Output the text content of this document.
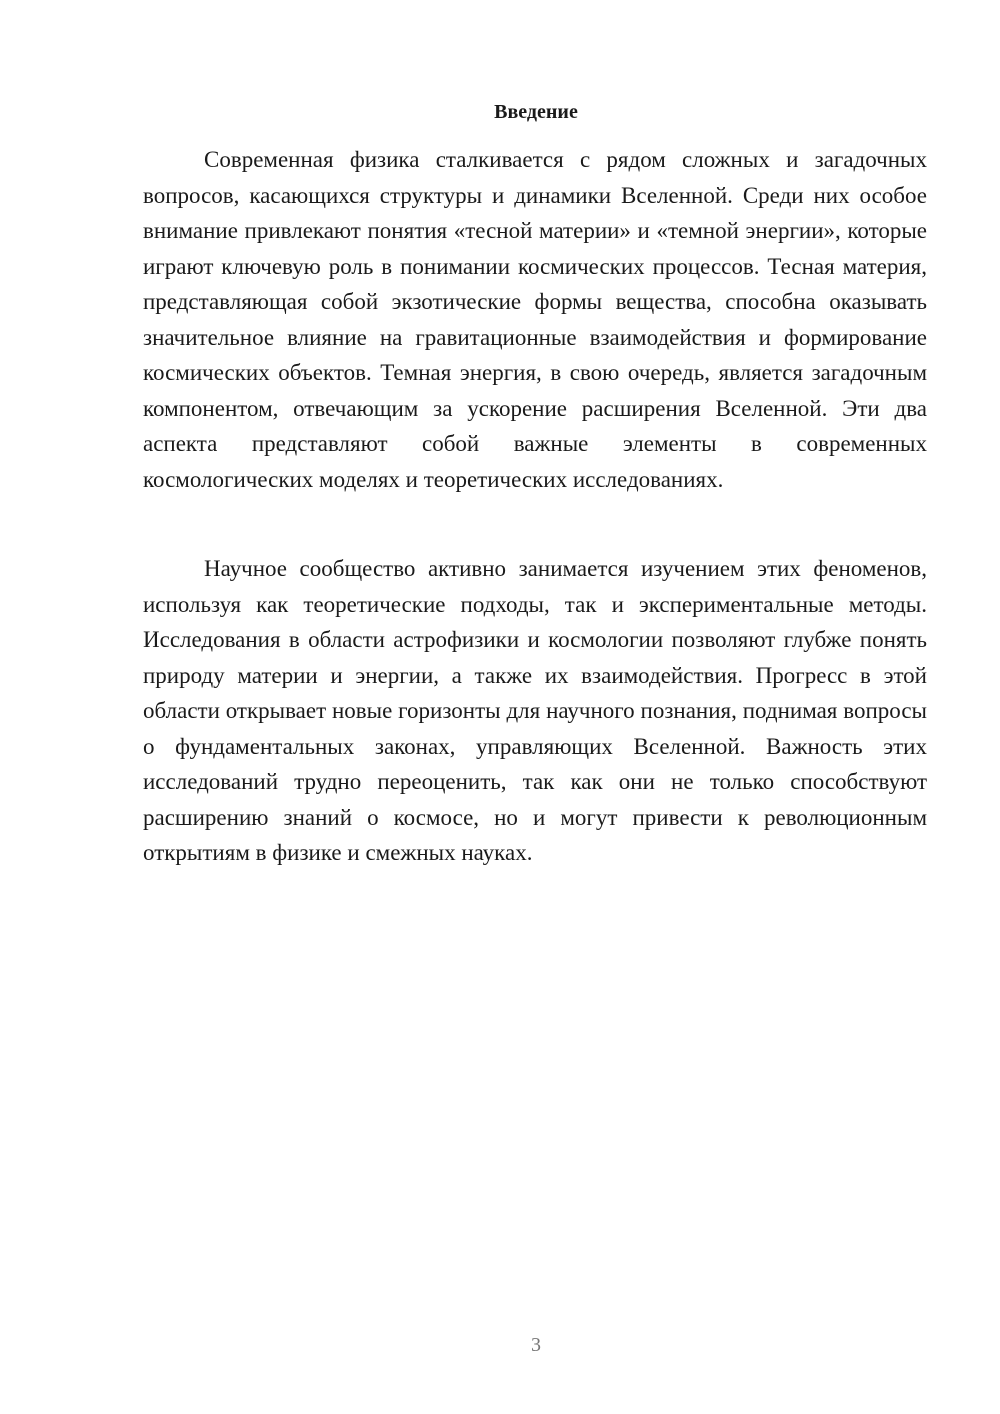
Введение

Современная физика сталкивается с рядом сложных и загадочных вопросов, касающихся структуры и динамики Вселенной. Среди них особое внимание привлекают понятия «тесной материи» и «темной энергии», которые играют ключевую роль в понимании космических процессов. Тесная материя, представляющая собой экзотические формы вещества, способна оказывать значительное влияние на гравитационные взаимодействия и формирование космических объектов. Темная энергия, в свою очередь, является загадочным компонентом, отвечающим за ускорение расширения Вселенной. Эти два аспекта представляют собой важные элементы в современных космологических моделях и теоретических исследованиях.

Научное сообщество активно занимается изучением этих феноменов, используя как теоретические подходы, так и экспериментальные методы. Исследования в области астрофизики и космологии позволяют глубже понять природу материи и энергии, а также их взаимодействия. Прогресс в этой области открывает новые горизонты для научного познания, поднимая вопросы о фундаментальных законах, управляющих Вселенной. Важность этих исследований трудно переоценить, так как они не только способствуют расширению знаний о космосе, но и могут привести к революционным открытиям в физике и смежных науках.

3
